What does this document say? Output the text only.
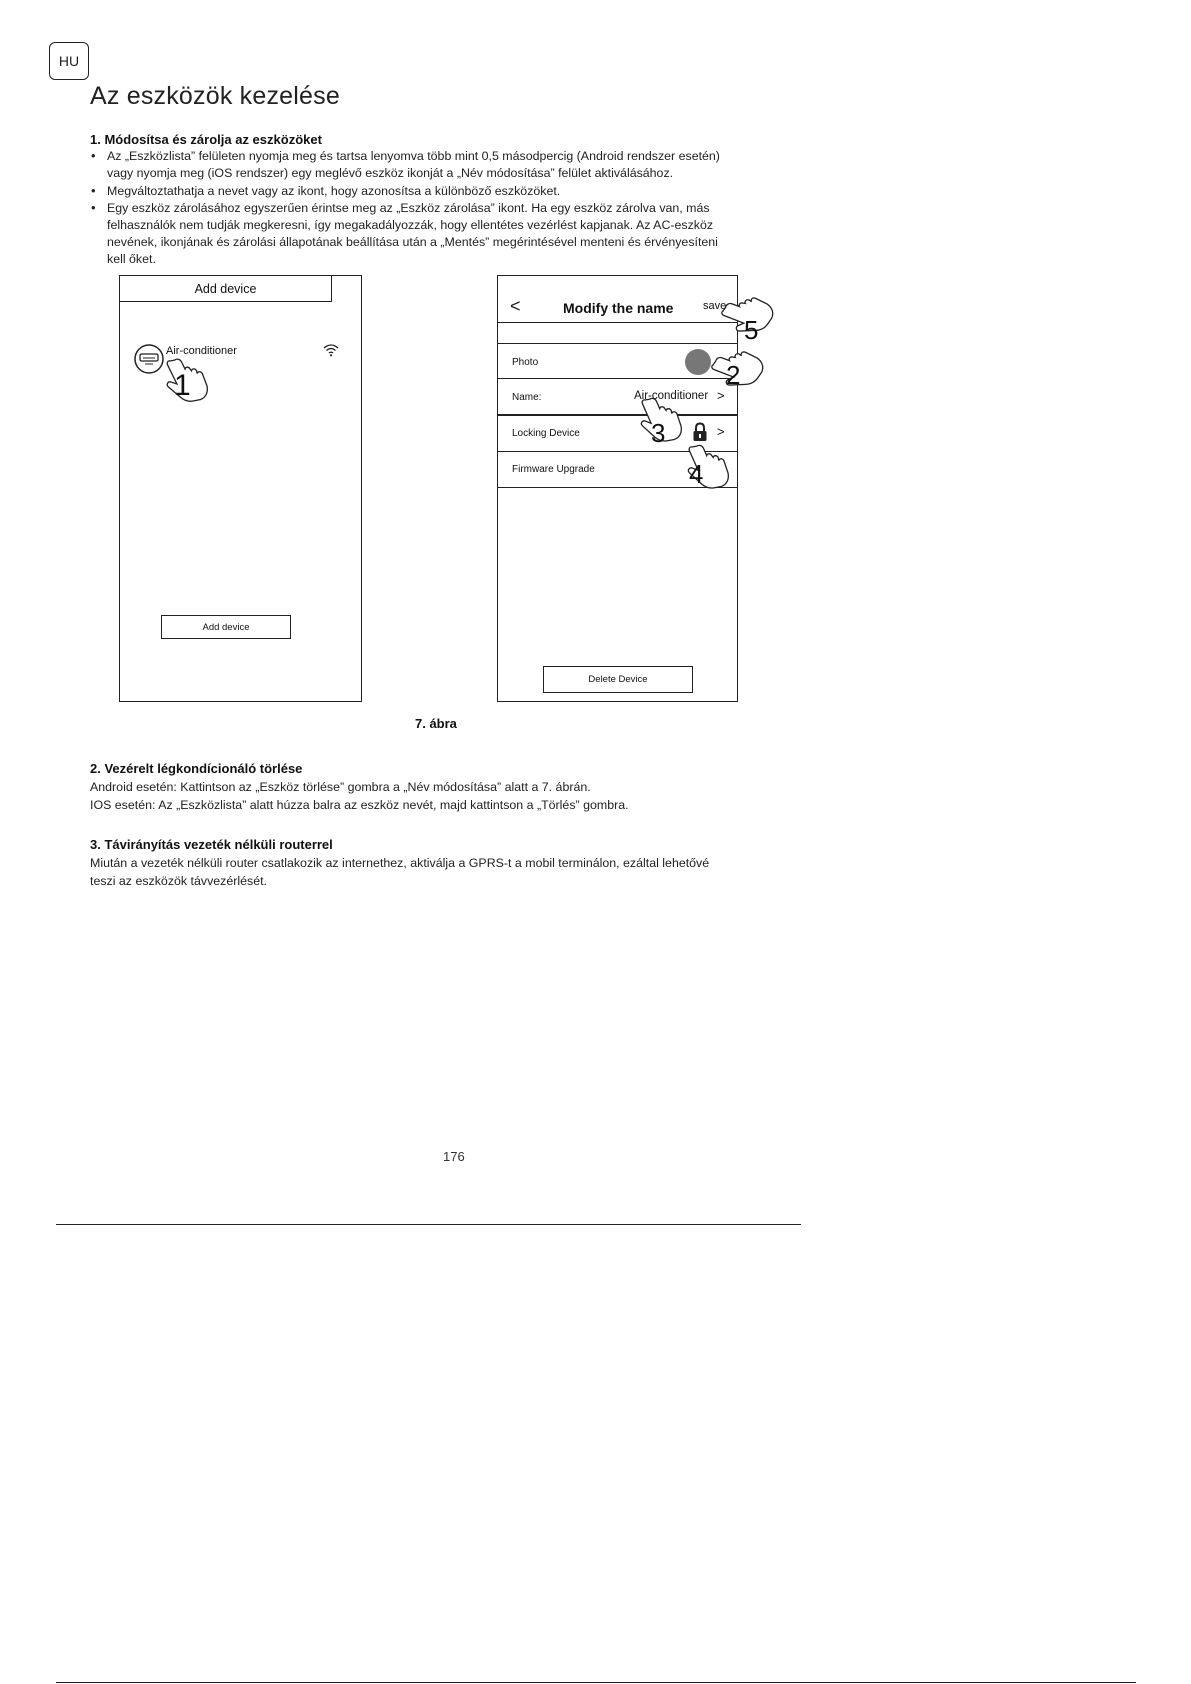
HU
Az eszközök kezelése
1. Módosítsa és zárolja az eszközöket
• Az „Eszközlista” felületen nyomja meg és tartsa lenyomva több mint 0,5 másodpercig (Android rendszer esetén)
vagy nyomja meg (iOS rendszer) egy meglévő eszköz ikonját a „Név módosítása” felület aktiválásához.
• Megváltoztathatja a nevet vagy az ikont, hogy azonosítsa a különböző eszközöket.
• Egy eszköz zárolásához egyszerűen érintse meg az „Eszköz zárolása” ikont. Ha egy eszköz zárolva van, más
felhasználók nem tudják megkeresni, így megakadályozzák, hogy ellentétes vezérlést kapjanak. Az AC-eszköz
nevének, ikonjának és zárolási állapotának beállítása után a „Mentés” megérintésével menteni és érvényesíteni
kell őket.
Add device
Air-conditioner
Add device
<	Modify the name	save
Photo
Name:	Air-conditioner >
Locking Device	>
Firmware Upgrade
Delete Device
1	2
3
4
5

7. ábra

2. Vezérelt légkondícionáló törlése

Android esetén: Kattintson az „Eszköz törlése” gombra a „Név módosítása” alatt a 7. ábrán.
IOS esetén: Az „Eszközlista” alatt húzza balra az eszköz nevét, majd kattintson a „Törlés” gombra.

3. Távirányítás vezeték nélküli routerrel

Miután a vezeték nélküli router csatlakozik az internethez, aktiválja a GPRS-t a mobil terminálon, ezáltal lehetővé
teszi az eszközök távvezérlését.

176
